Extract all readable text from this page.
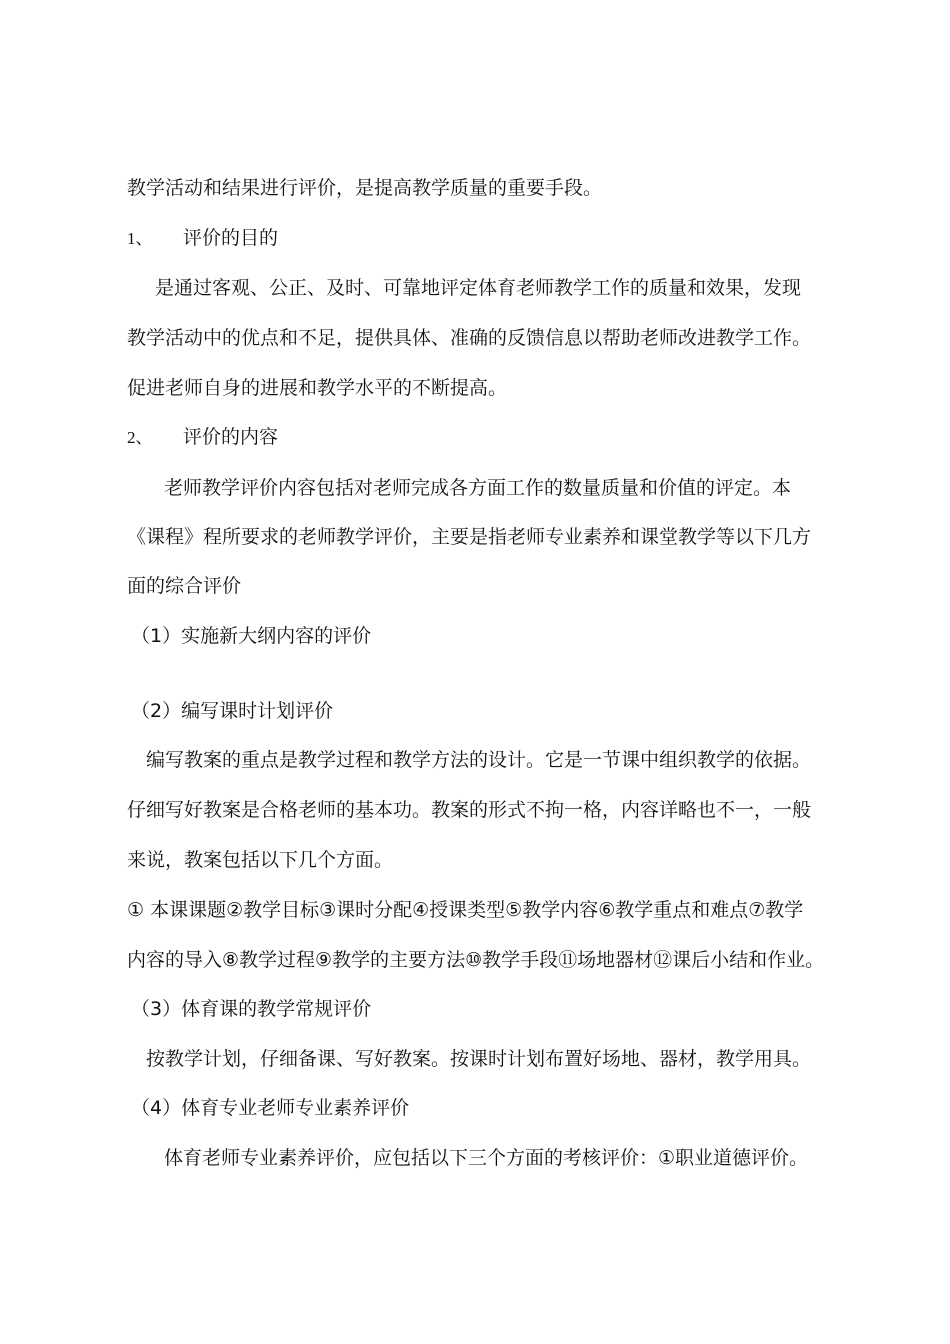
教学活动和结果进行评价，是提高教学质量的重要手段。
1、 评价的目的
是通过客观、公正、及时、可靠地评定体育老师教学工作的质量和效果，发现
教学活动中的优点和不足，提供具体、准确的反馈信息以帮助老师改进教学工作。
促进老师自身的进展和教学水平的不断提高。
2、 评价的内容
老师教学评价内容包括对老师完成各方面工作的数量质量和价值的评定。本
《课程》程所要求的老师教学评价，主要是指老师专业素养和课堂教学等以下几方
面的综合评价
（1）实施新大纲内容的评价
（2）编写课时计划评价
编写教案的重点是教学过程和教学方法的设计。它是一节课中组织教学的依据。
仔细写好教案是合格老师的基本功。教案的形式不拘一格，内容详略也不一，一般
来说，教案包括以下几个方面。
① 本课课题②教学目标③课时分配④授课类型⑤教学内容⑥教学重点和难点⑦教学
内容的导入⑧教学过程⑨教学的主要方法⑩教学手段⑪场地器材⑫课后小结和作业。
（3）体育课的教学常规评价
按教学计划，仔细备课、写好教案。按课时计划布置好场地、器材，教学用具。
（4）体育专业老师专业素养评价
体育老师专业素养评价，应包括以下三个方面的考核评价：①职业道德评价。
